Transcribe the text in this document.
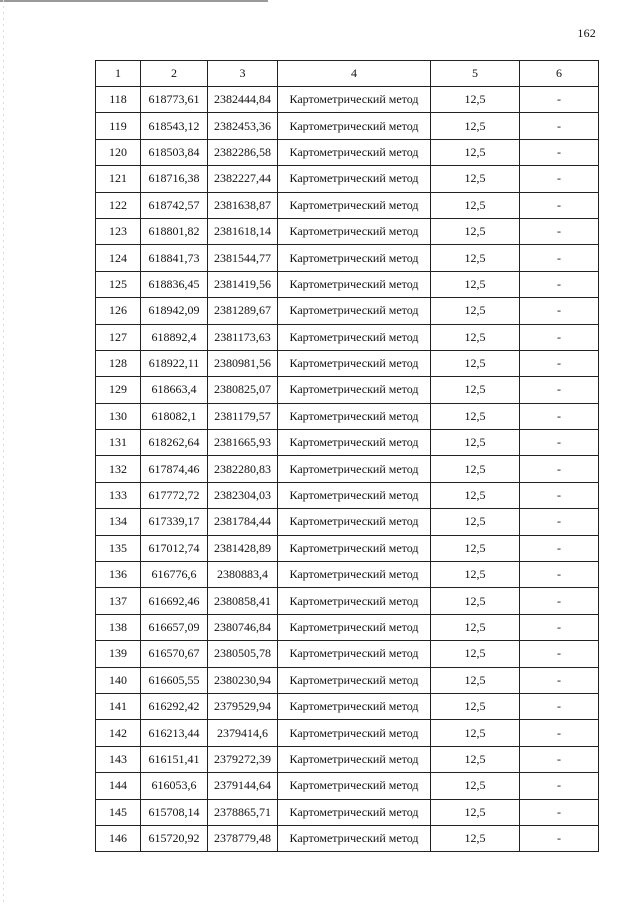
162
1	2	3	4	5	6
118	618773,61	2382444,84	Картометрический метод	12,5	-
119	618543,12	2382453,36	Картометрический метод	12,5	-
120	618503,84	2382286,58	Картометрический метод	12,5	-
121	618716,38	2382227,44	Картометрический метод	12,5	-
122	618742,57	2381638,87	Картометрический метод	12,5	-
123	618801,82	2381618,14	Картометрический метод	12,5	-
124	618841,73	2381544,77	Картометрический метод	12,5	-
125	618836,45	2381419,56	Картометрический метод	12,5	-
126	618942,09	2381289,67	Картометрический метод	12,5	-
127	618892,4	2381173,63	Картометрический метод	12,5	-
128	618922,11	2380981,56	Картометрический метод	12,5	-
129	618663,4	2380825,07	Картометрический метод	12,5	-
130	618082,1	2381179,57	Картометрический метод	12,5	-
131	618262,64	2381665,93	Картометрический метод	12,5	-
132	617874,46	2382280,83	Картометрический метод	12,5	-
133	617772,72	2382304,03	Картометрический метод	12,5	-
134	617339,17	2381784,44	Картометрический метод	12,5	-
135	617012,74	2381428,89	Картометрический метод	12,5	-
136	616776,6	2380883,4	Картометрический метод	12,5	-
137	616692,46	2380858,41	Картометрический метод	12,5	-
138	616657,09	2380746,84	Картометрический метод	12,5	-
139	616570,67	2380505,78	Картометрический метод	12,5	-
140	616605,55	2380230,94	Картометрический метод	12,5	-
141	616292,42	2379529,94	Картометрический метод	12,5	-
142	616213,44	2379414,6	Картометрический метод	12,5	-
143	616151,41	2379272,39	Картометрический метод	12,5	-
144	616053,6	2379144,64	Картометрический метод	12,5	-
145	615708,14	2378865,71	Картометрический метод	12,5	-
146	615720,92	2378779,48	Картометрический метод	12,5	-
